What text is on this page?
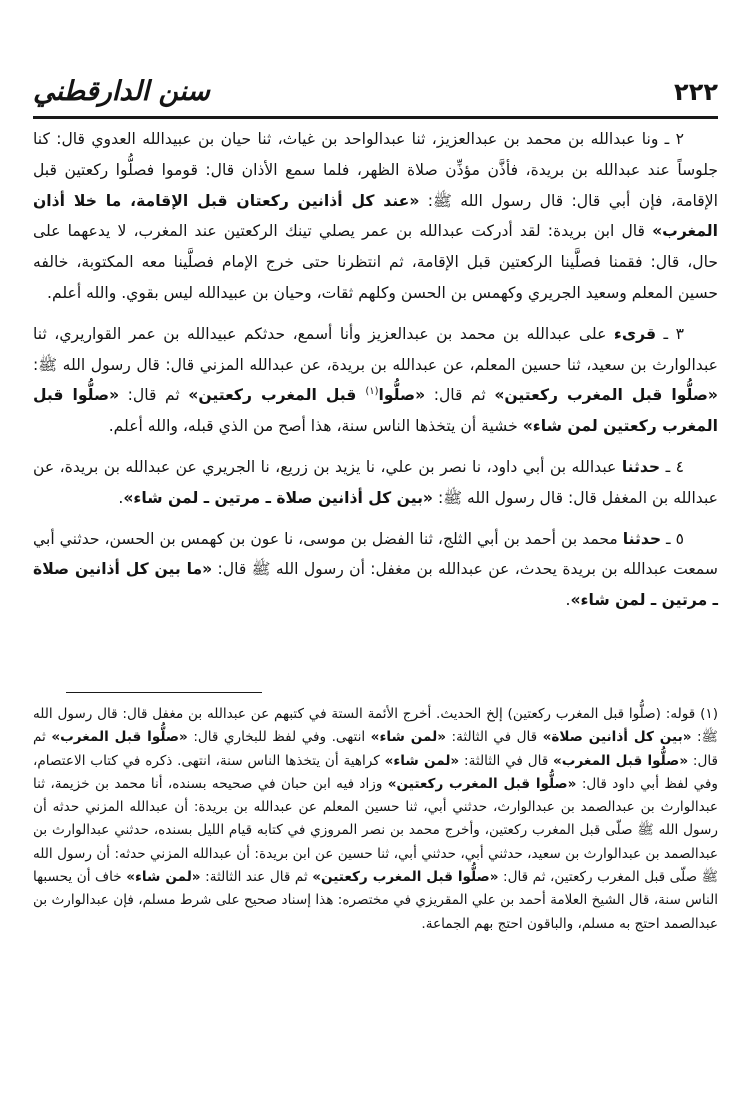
٢٢٢
سنن الدارقطني

٢ ـ ونا عبدالله بن محمد بن عبدالعزيز، ثنا عبدالواحد بن غياث، ثنا حيان بن عبيدالله العدوي قال: كنا جلوساً عند عبدالله بن بريدة، فأذَّن مؤذِّن صلاة الظهر، فلما سمع الأذان قال: قوموا فصلُّوا ركعتين قبل الإقامة، فإن أبي قال: قال رسول الله ﷺ: «عند كل أذانين ركعتان قبل الإقامة، ما خلا أذان المغرب» قال ابن بريدة: لقد أدركت عبدالله بن عمر يصلي تينك الركعتين عند المغرب، لا يدعهما على حال، قال: فقمنا فصلَّينا الركعتين قبل الإقامة، ثم انتظرنا حتى خرج الإمام فصلَّينا معه المكتوبة، خالفه حسين المعلم وسعيد الجريري وكهمس بن الحسن وكلهم ثقات، وحيان بن عبيدالله ليس بقوي. والله أعلم.

٣ ـ قرىء على عبدالله بن محمد بن عبدالعزيز وأنا أسمع، حدثكم عبيدالله بن عمر القواريري، ثنا عبدالوارث بن سعيد، ثنا حسين المعلم، عن عبدالله بن بريدة، عن عبدالله المزني قال: قال رسول الله ﷺ: «صلُّوا قبل المغرب ركعتين» ثم قال: «صلُّوا$^{(١)}$ قبل المغرب ركعتين» ثم قال: «صلُّوا قبل المغرب ركعتين لمن شاء» خشية أن يتخذها الناس سنة، هذا أصح من الذي قبله، والله أعلم.

٤ ـ حدثنا عبدالله بن أبي داود، نا نصر بن علي، نا يزيد بن زريع، نا الجريري عن عبدالله بن بريدة، عن عبدالله بن المغفل قال: قال رسول الله ﷺ: «بين كل أذانين صلاة ـ مرتين ـ لمن شاء».

٥ ـ حدثنا محمد بن أحمد بن أبي الثلج، ثنا الفضل بن موسى، نا عون بن كهمس بن الحسن، حدثني أبي سمعت عبدالله بن بريدة يحدث، عن عبدالله بن مغفل: أن رسول الله ﷺ قال: «ما بين كل أذانين صلاة ـ مرتين ـ لمن شاء».

(١) قوله: (صلُّوا قبل المغرب ركعتين) إلخ الحديث. أخرج الأئمة الستة في كتبهم عن عبدالله بن مغفل قال: قال رسول الله ﷺ: «بين كل أذانين صلاة» قال في الثالثة: «لمن شاء» انتهى. وفي لفظ للبخاري قال: «صلُّوا قبل المغرب» ثم قال: «صلُّوا قبل المغرب» قال في الثالثة: «لمن شاء» كراهية أن يتخذها الناس سنة، انتهى. ذكره في كتاب الاعتصام، وفي لفظ أبي داود قال: «صلُّوا قبل المغرب ركعتين» وزاد فيه ابن حبان في صحيحه بسنده، أنا محمد بن خزيمة، ثنا عبدالوارث بن عبدالصمد بن عبدالوارث، حدثني أبي، ثنا حسين المعلم عن عبدالله بن بريدة: أن عبدالله المزني حدثه أن رسول الله ﷺ صلّى قبل المغرب ركعتين، وأخرج محمد بن نصر المروزي في كتابه قيام الليل بسنده، حدثني عبدالوارث بن عبدالصمد بن عبدالوارث بن سعيد، حدثني أبي، حدثني أبي، ثنا حسين عن ابن بريدة: أن عبدالله المزني حدثه: أن رسول الله ﷺ صلّى قبل المغرب ركعتين، ثم قال: «صلُّوا قبل المغرب ركعتين» ثم قال عند الثالثة: «لمن شاء» خاف أن يحسبها الناس سنة، قال الشيخ العلامة أحمد بن علي المقريزي في مختصره: هذا إسناد صحيح على شرط مسلم، فإن عبدالوارث بن عبدالصمد احتج به مسلم، والباقون احتج بهم الجماعة.
